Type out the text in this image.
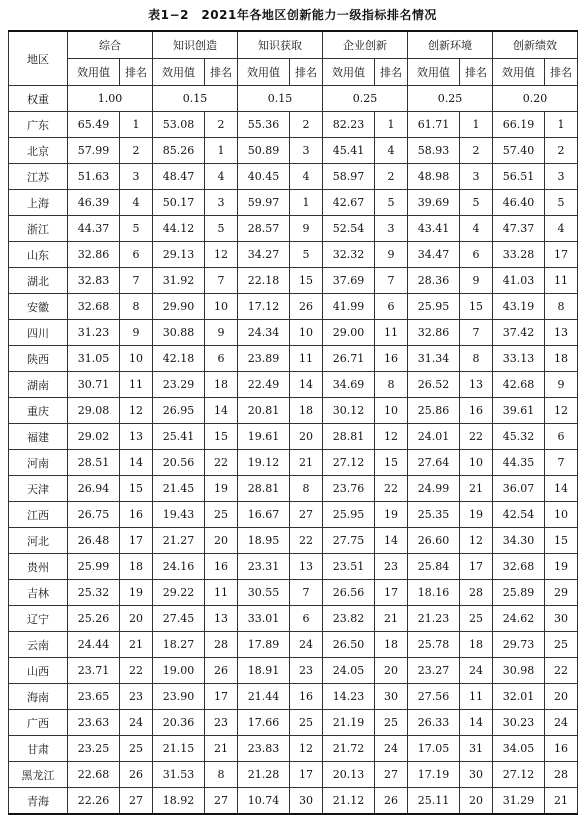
表1−2　2021年各地区创新能力一级指标排名情况
地区	综合		知识创造		知识获取		企业创新		创新环境		创新绩效	
	效用值	排名	效用值	排名	效用值	排名	效用值	排名	效用值	排名	效用值	排名
权重	1.00		0.15		0.15		0.25		0.25		0.20	
广东	65.49	1	53.08	2	55.36	2	82.23	1	61.71	1	66.19	1
北京	57.99	2	85.26	1	50.89	3	45.41	4	58.93	2	57.40	2
江苏	51.63	3	48.47	4	40.45	4	58.97	2	48.98	3	56.51	3
上海	46.39	4	50.17	3	59.97	1	42.67	5	39.69	5	46.40	5
浙江	44.37	5	44.12	5	28.57	9	52.54	3	43.41	4	47.37	4
山东	32.86	6	29.13	12	34.27	5	32.32	9	34.47	6	33.28	17
湖北	32.83	7	31.92	7	22.18	15	37.69	7	28.36	9	41.03	11
安徽	32.68	8	29.90	10	17.12	26	41.99	6	25.95	15	43.19	8
四川	31.23	9	30.88	9	24.34	10	29.00	11	32.86	7	37.42	13
陕西	31.05	10	42.18	6	23.89	11	26.71	16	31.34	8	33.13	18
湖南	30.71	11	23.29	18	22.49	14	34.69	8	26.52	13	42.68	9
重庆	29.08	12	26.95	14	20.81	18	30.12	10	25.86	16	39.61	12
福建	29.02	13	25.41	15	19.61	20	28.81	12	24.01	22	45.32	6
河南	28.51	14	20.56	22	19.12	21	27.12	15	27.64	10	44.35	7
天津	26.94	15	21.45	19	28.81	8	23.76	22	24.99	21	36.07	14
江西	26.75	16	19.43	25	16.67	27	25.95	19	25.35	19	42.54	10
河北	26.48	17	21.27	20	18.95	22	27.75	14	26.60	12	34.30	15
贵州	25.99	18	24.16	16	23.31	13	23.51	23	25.84	17	32.68	19
吉林	25.32	19	29.22	11	30.55	7	26.56	17	18.16	28	25.89	29
辽宁	25.26	20	27.45	13	33.01	6	23.82	21	21.23	25	24.62	30
云南	24.44	21	18.27	28	17.89	24	26.50	18	25.78	18	29.73	25
山西	23.71	22	19.00	26	18.91	23	24.05	20	23.27	24	30.98	22
海南	23.65	23	23.90	17	21.44	16	14.23	30	27.56	11	32.01	20
广西	23.63	24	20.36	23	17.66	25	21.19	25	26.33	14	30.23	24
甘肃	23.25	25	21.15	21	23.83	12	21.72	24	17.05	31	34.05	16
黑龙江	22.68	26	31.53	8	21.28	17	20.13	27	17.19	30	27.12	28
青海	22.26	27	18.92	27	10.74	30	21.12	26	25.11	20	31.29	21
